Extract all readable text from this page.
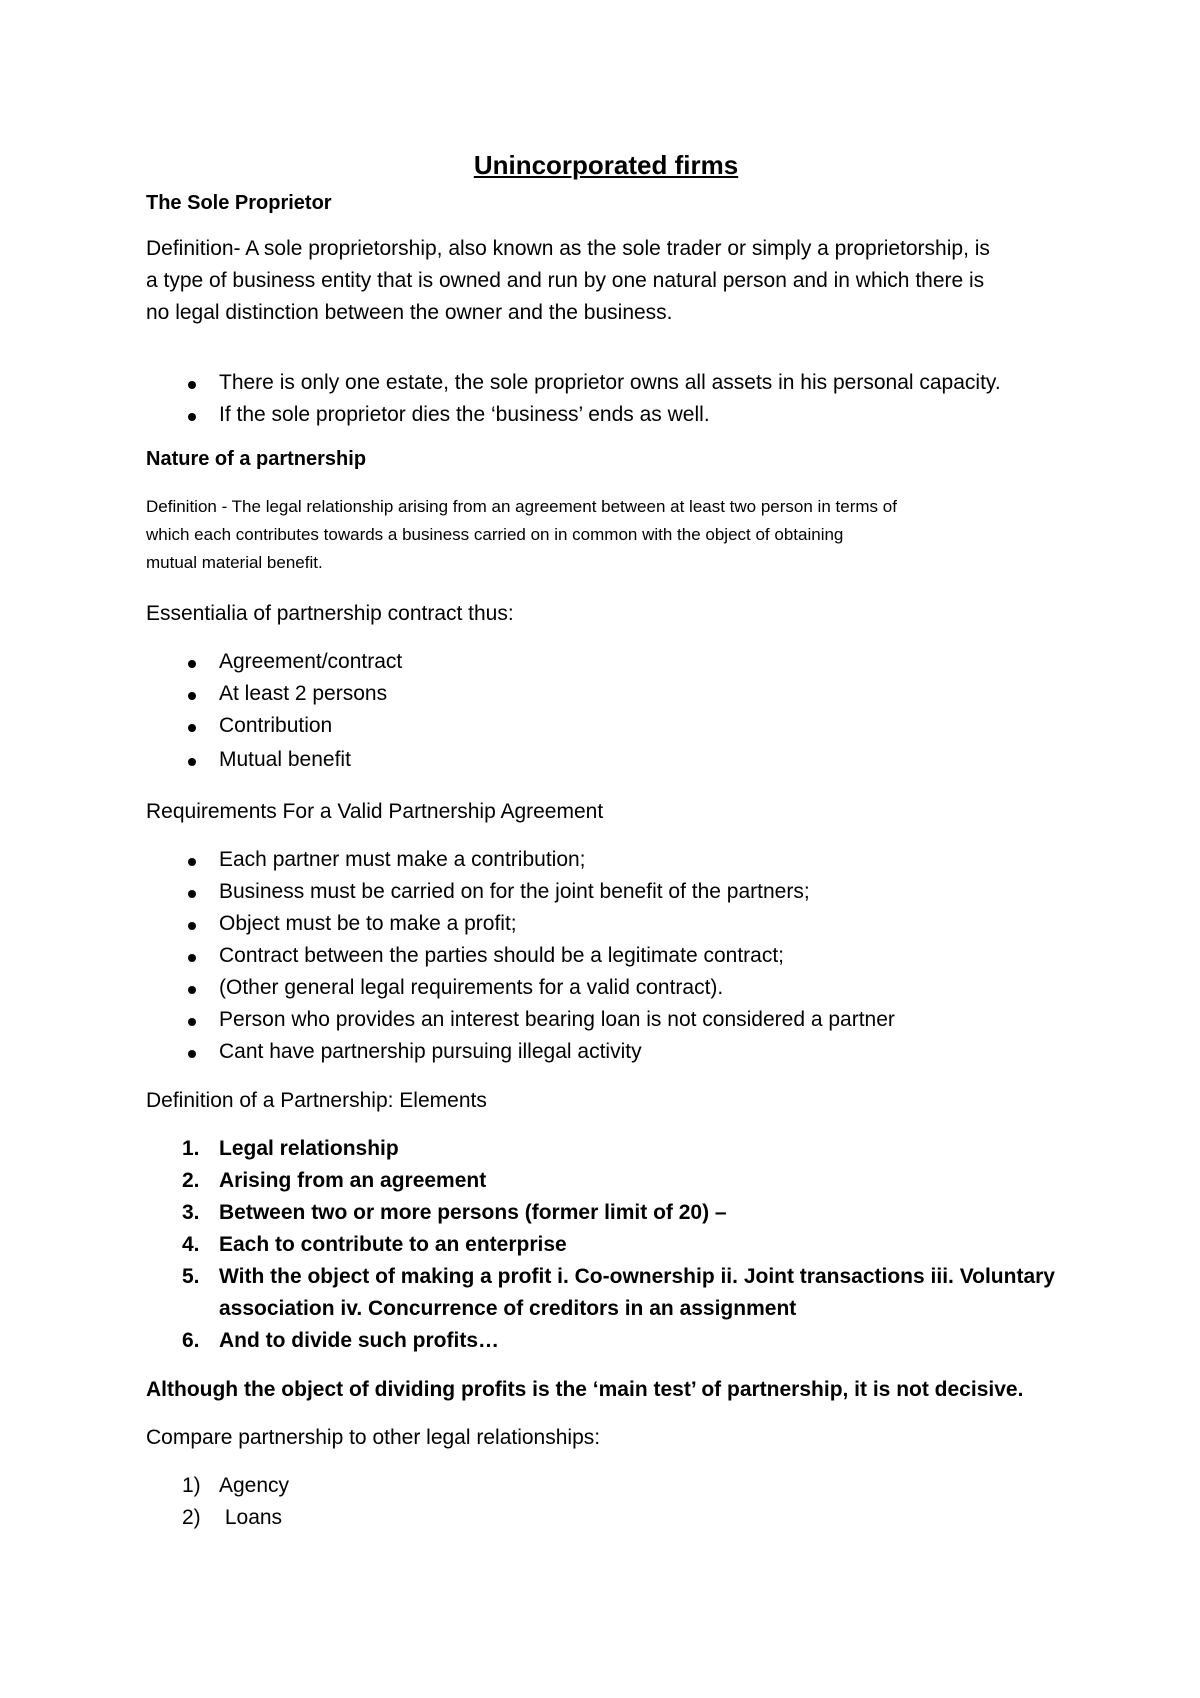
Unincorporated firms
The Sole Proprietor
Definition- A sole proprietorship, also known as the sole trader or simply a proprietorship, is
a type of business entity that is owned and run by one natural person and in which there is
no legal distinction between the owner and the business.
There is only one estate, the sole proprietor owns all assets in his personal capacity.
If the sole proprietor dies the ‘business’ ends as well.
Nature of a partnership
Definition - The legal relationship arising from an agreement between at least two person in terms of
which each contributes towards a business carried on in common with the object of obtaining
mutual material benefit.
Essentialia of partnership contract thus:
Agreement/contract
At least 2 persons
Contribution
Mutual benefit
Requirements For a Valid Partnership Agreement
Each partner must make a contribution;
Business must be carried on for the joint benefit of the partners;
Object must be to make a profit;
Contract between the parties should be a legitimate contract;
(Other general legal requirements for a valid contract).
Person who provides an interest bearing loan is not considered a partner
Cant have partnership pursuing illegal activity
Definition of a Partnership: Elements
1. Legal relationship
2. Arising from an agreement
3. Between two or more persons (former limit of 20) –
4. Each to contribute to an enterprise
5. With the object of making a profit i. Co-ownership ii. Joint transactions iii. Voluntary
association iv. Concurrence of creditors in an assignment
6. And to divide such profits…
Although the object of dividing profits is the ‘main test’ of partnership, it is not decisive.
Compare partnership to other legal relationships:
1) Agency
2) Loans
